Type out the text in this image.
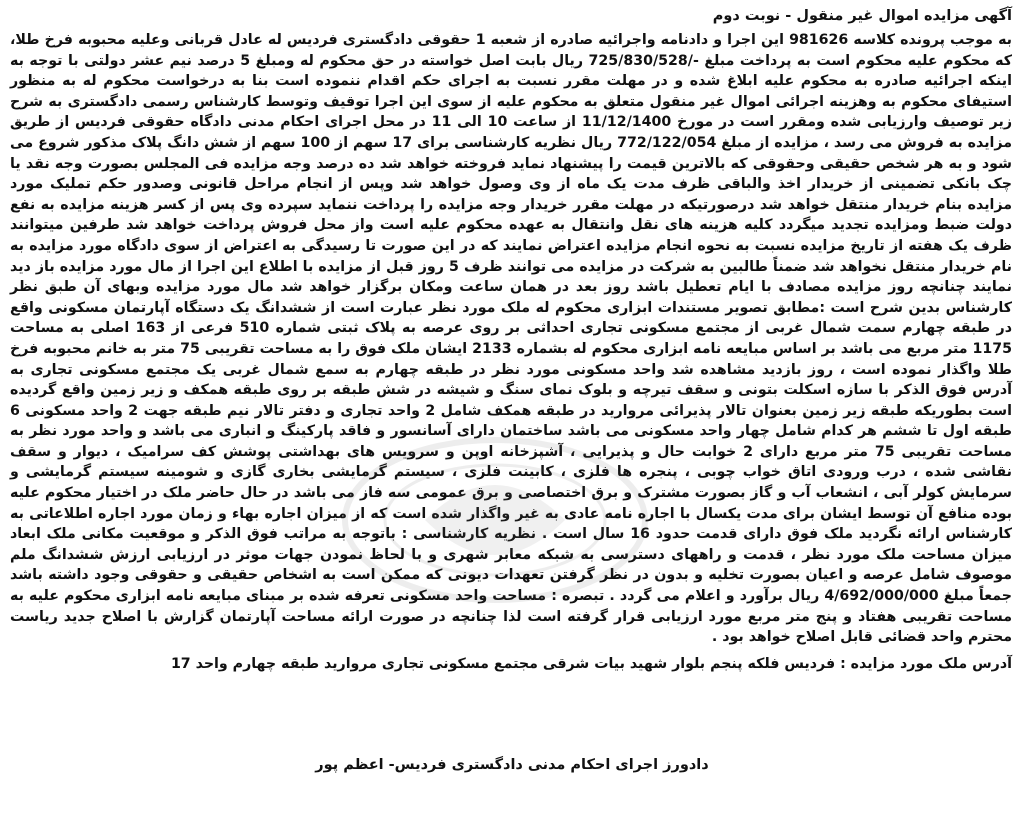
آگهی مزایده اموال غیر منقول - نوبت دوم

به موجب پرونده کلاسه 981626 این اجرا و دادنامه واجرائیه صادره از شعبه 1 حقوقی دادگستری فردیس له عادل قربانی وعلیه محبوبه فرخ طلا، که محکوم علیه محکوم است به پرداخت مبلغ -/725/830/528 ریال بابت اصل خواسته در حق محکوم له ومبلغ 5 درصد نیم عشر دولتی با توجه به اینکه اجرائیه صادره به محکوم علیه ابلاغ شده و در مهلت مقرر نسبت به اجرای حکم اقدام ننموده است بنا به درخواست محکوم له به منظور استیفای محکوم به وهزینه اجرائی اموال غیر منقول متعلق به محکوم علیه از سوی این اجرا توقیف وتوسط کارشناس رسمی دادگستری به شرح زیر توصیف وارزیابی شده ومقرر است در مورخ 11/12/1400 از ساعت 10 الی 11 در محل اجرای احکام مدنی دادگاه حقوقی فردیس از طریق مزایده به فروش می رسد ، مزایده از مبلغ 772/122/054 ریال نظریه کارشناسی برای 17 سهم از 100 سهم از شش دانگ پلاک مذکور شروع می شود و به هر شخص حقیقی وحقوقی که بالاترین قیمت را پیشنهاد نماید فروخته خواهد شد ده درصد وجه مزایده فی المجلس بصورت وجه نقد یا چک بانکی تضمینی از خریدار اخذ والباقی ظرف مدت یک ماه از وی وصول خواهد شد وپس از انجام مراحل قانونی وصدور حکم تملیک مورد مزایده بنام خریدار منتقل خواهد شد درصورتیکه در مهلت مقرر خریدار وجه مزایده را پرداخت ننماید سپرده وی پس از کسر هزینه مزایده به نفع دولت ضبط ومزایده تجدید میگردد کلیه هزینه های نقل وانتقال به عهده محکوم علیه است واز محل فروش پرداخت خواهد شد طرفین میتوانند ظرف یک هفته از تاریخ مزایده نسبت به نحوه انجام مزایده اعتراض نمایند که در این صورت تا رسیدگی به اعتراض از سوی دادگاه مورد مزایده به نام خریدار منتقل نخواهد شد ضمناً طالبین به شرکت در مزایده می توانند ظرف 5 روز قبل از مزایده با اطلاع این اجرا از مال مورد مزایده باز دید نمایند چنانچه روز مزایده مصادف با ایام تعطیل باشد روز بعد در همان ساعت ومکان برگزار خواهد شد مال مورد مزایده وبهای آن طبق نظر کارشناس بدین شرح است :مطابق تصویر مستندات ابزاری محکوم له ملک مورد نظر عبارت است از ششدانگ یک دستگاه آپارتمان مسکونی واقع در طبقه چهارم سمت شمال غربی از مجتمع مسکونی تجاری احداثی بر روی عرصه به پلاک ثبتی شماره 510 فرعی از 163 اصلی به مساحت 1175 متر مربع می باشد بر اساس مبایعه نامه ابزاری محکوم له بشماره 2133 ایشان ملک فوق را به مساحت تقریبی 75 متر به خانم محبوبه فرخ طلا واگذار نموده است ، روز بازدید مشاهده شد واحد مسکونی مورد نظر در طبقه چهارم به سمع شمال غربی یک مجتمع مسکونی تجاری به آدرس فوق الذکر با سازه اسکلت بتونی و سقف تیرچه و بلوک نمای سنگ و شیشه در شش طبقه بر روی طبقه همکف و زیر زمین واقع گردیده است بطوریکه طبقه زیر زمین بعنوان تالار پذیرائی مروارید در طبقه همکف شامل 2 واحد تجاری و دفتر تالار نیم طبقه جهت 2 واحد مسکونی 6 طبقه اول تا ششم هر کدام شامل چهار واحد مسکونی می باشد ساختمان دارای آسانسور و فاقد پارکینگ و انباری می باشد و واحد مورد نظر به مساحت تقریبی 75 متر مربع دارای 2 خوابت حال و پذیرایی ، آشپزخانه اوپن و سرویس های بهداشتی پوشش کف سرامیک ، دیوار و سقف نقاشی شده ، درب ورودی اتاق خواب چوبی ، پنجره ها فلزی ، کابینت فلزی ، سیستم گرمایشی بخاری گازی و شومینه سیستم گرمایشی و سرمایش کولر آبی ، انشعاب آب و گاز بصورت مشترک و برق اختصاصی و برق عمومی سه فاز می باشد در حال حاضر ملک در اختیار محکوم علیه بوده منافع آن توسط ایشان برای مدت یکسال با اجاره نامه عادی به غیر واگذار شده است که از میزان اجاره بهاء و زمان مورد اجاره اطلاعاتی به کارشناس ارائه نگردید ملک فوق دارای قدمت حدود 16 سال است . نظریه کارشناسی : باتوجه به مراتب فوق الذکر و موقعیت مکانی ملک ابعاد میزان مساحت ملک مورد نظر ، قدمت و راههای دسترسی به شبکه معابر شهری و با لحاظ نمودن جهات موثر در ارزیابی ارزش ششدانگ ملم موصوف شامل عرصه و اعیان بصورت تخلیه و بدون در نظر گرفتن تعهدات دیونی که ممکن است به اشخاص حقیقی و حقوقی وجود داشته باشد جمعاً مبلغ 4/692/000/000 ریال برآورد و اعلام می گردد . تبصره : مساحت واحد مسکونی تعرفه شده بر مبنای مبایعه نامه ابزاری محکوم علیه به مساحت تقریبی هفتاد و پنج متر مربع مورد ارزیابی قرار گرفته است لذا چنانچه در صورت ارائه مساحت آپارتمان گزارش با اصلاح جدید ریاست محترم واحد قضائی قابل اصلاح خواهد بود .

آدرس ملک مورد مزایده : فردیس فلکه پنجم بلوار شهید بیات شرقی مجتمع مسکونی تجاری مروارید طبقه چهارم واحد 17
دادورز اجرای احکام مدنی دادگستری فردیس- اعظم پور
